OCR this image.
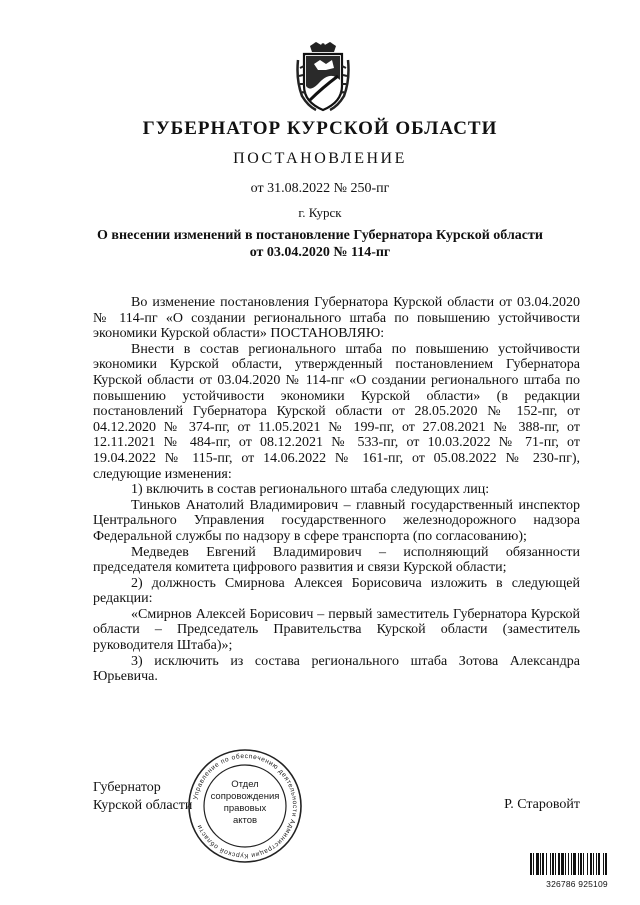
ГУБЕРНАТОР КУРСКОЙ ОБЛАСТИ
ПОСТАНОВЛЕНИЕ
от 31.08.2022 № 250-пг
г. Курск
О внесении изменений в постановление Губернатора Курской области
от 03.04.2020 № 114-пг

Во изменение постановления Губернатора Курской области от 03.04.2020 № 114-пг «О создании регионального штаба по повышению устойчивости экономики Курской области» ПОСТАНОВЛЯЮ:

Внести в состав регионального штаба по повышению устойчивости экономики Курской области, утвержденный постановлением Губернатора Курской области от 03.04.2020 № 114-пг «О создании регионального штаба по повышению устойчивости экономики Курской области» (в редакции постановлений Губернатора Курской области от 28.05.2020 № 152-пг, от 04.12.2020 № 374-пг, от 11.05.2021 № 199-пг, от 27.08.2021 № 388-пг, от 12.11.2021 № 484-пг, от 08.12.2021 № 533-пг, от 10.03.2022 № 71-пг, от 19.04.2022 № 115-пг, от 14.06.2022 № 161-пг, от 05.08.2022 № 230-пг), следующие изменения:

1) включить в состав регионального штаба следующих лиц:

Тиньков Анатолий Владимирович – главный государственный инспектор Центрального Управления государственного железнодорожного надзора Федеральной службы по надзору в сфере транспорта (по согласованию);

Медведев Евгений Владимирович – исполняющий обязанности председателя комитета цифрового развития и связи Курской области;

2) должность Смирнова Алексея Борисовича изложить в следующей редакции:

«Смирнов Алексей Борисович – первый заместитель Губернатора Курской области – Председатель Правительства Курской области (заместитель руководителя Штаба)»;

3) исключить из состава регионального штаба Зотова Александра Юрьевича.

Губернатор
Курской области	Р. Старовойт
Управление по обеспечению деятельности Администрации Курской области
Отдел
сопровождения
правовых
актов
326786 925109
